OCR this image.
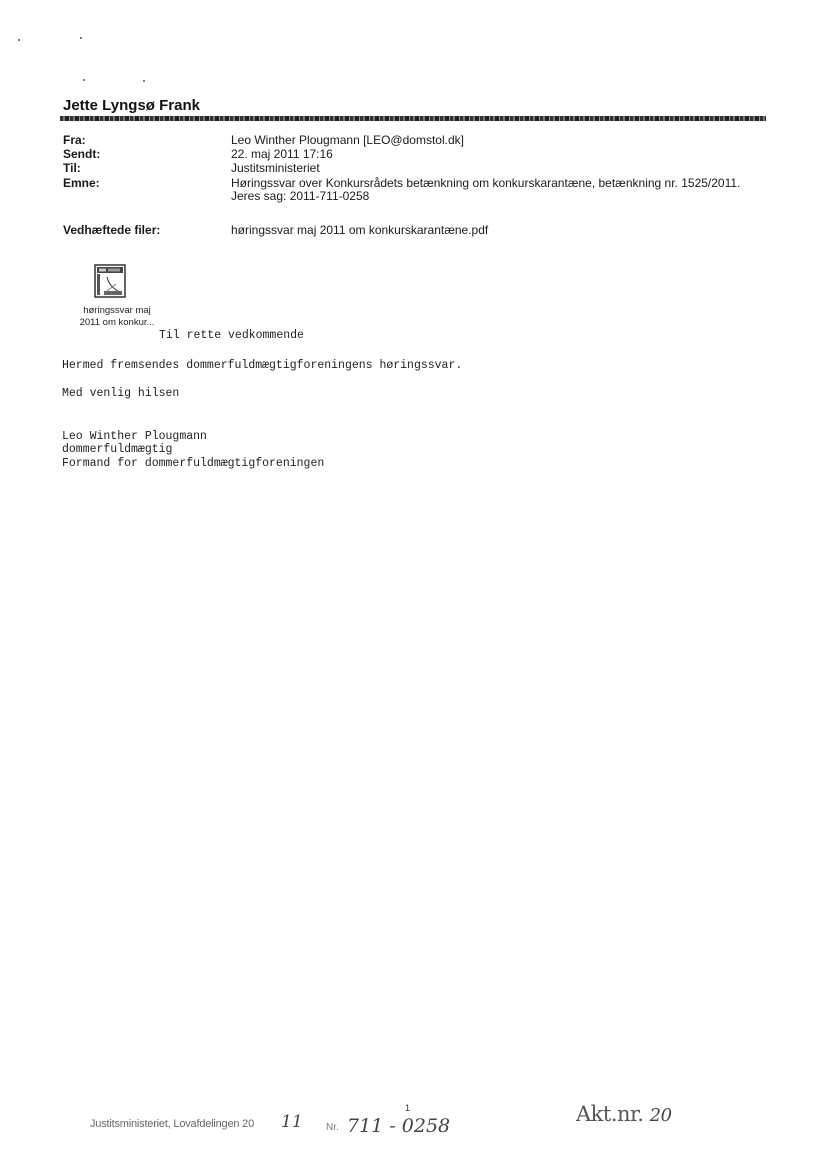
Jette Lyngsø Frank
Fra:	Leo Winther Plougmann [LEO@domstol.dk]
Sendt:	22. maj 2011 17:16
Til:	Justitsministeriet
Emne:	Høringssvar over Konkursrådets betænkning om konkurskarantæne, betænkning nr. 1525/2011. Jeres sag: 2011-711-0258
Vedhæftede filer:	høringssvar maj 2011 om konkurskarantæne.pdf
høringssvar maj
2011 om konkur...
Til rette vedkommende
Hermed fremsendes dommerfuldmægtigforeningens høringssvar.
Med venlig hilsen
Leo Winther Plougmann
dommerfuldmægtig
Formand for dommerfuldmægtigforeningen
1
Justitsministeriet, Lovafdelingen 20 11 Nr. 711 - 0258	Akt.nr. 20
